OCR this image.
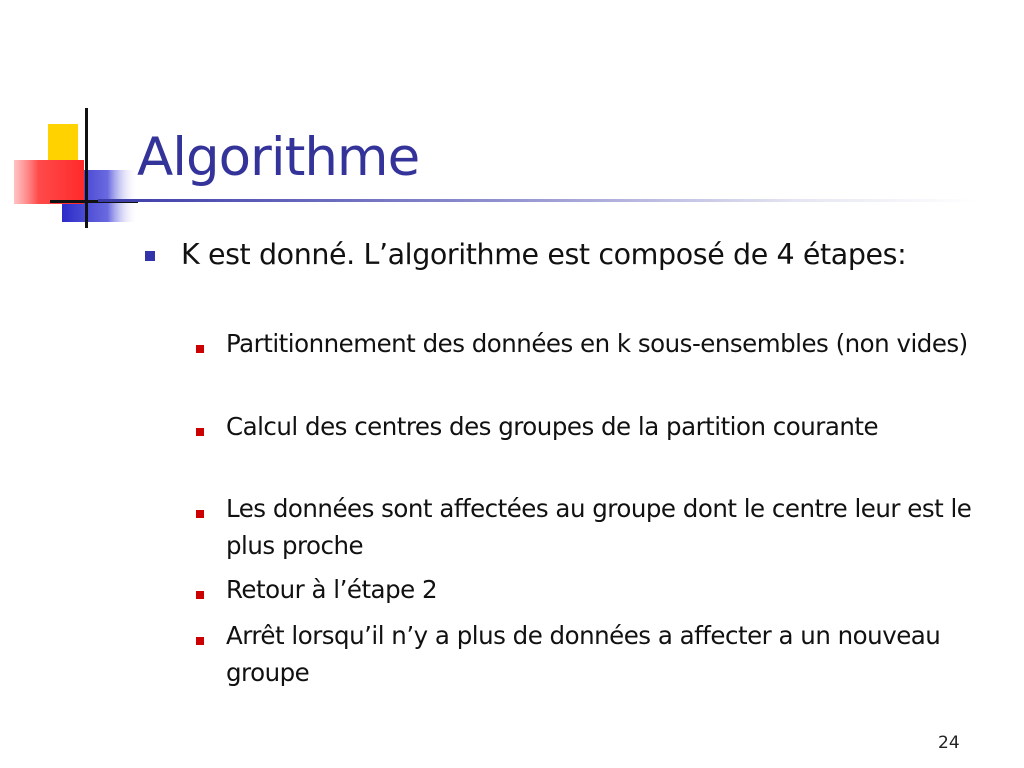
Algorithme
K est donné. L’algorithme est composé de 4 étapes:
Partitionnement des données en k sous-ensembles (non vides)
Calcul des centres des groupes de la partition courante
Les données sont affectées au groupe dont le centre leur est le plus proche
Retour à l’étape 2
Arrêt lorsqu’il n’y a plus de données a affecter a un nouveau groupe
24
